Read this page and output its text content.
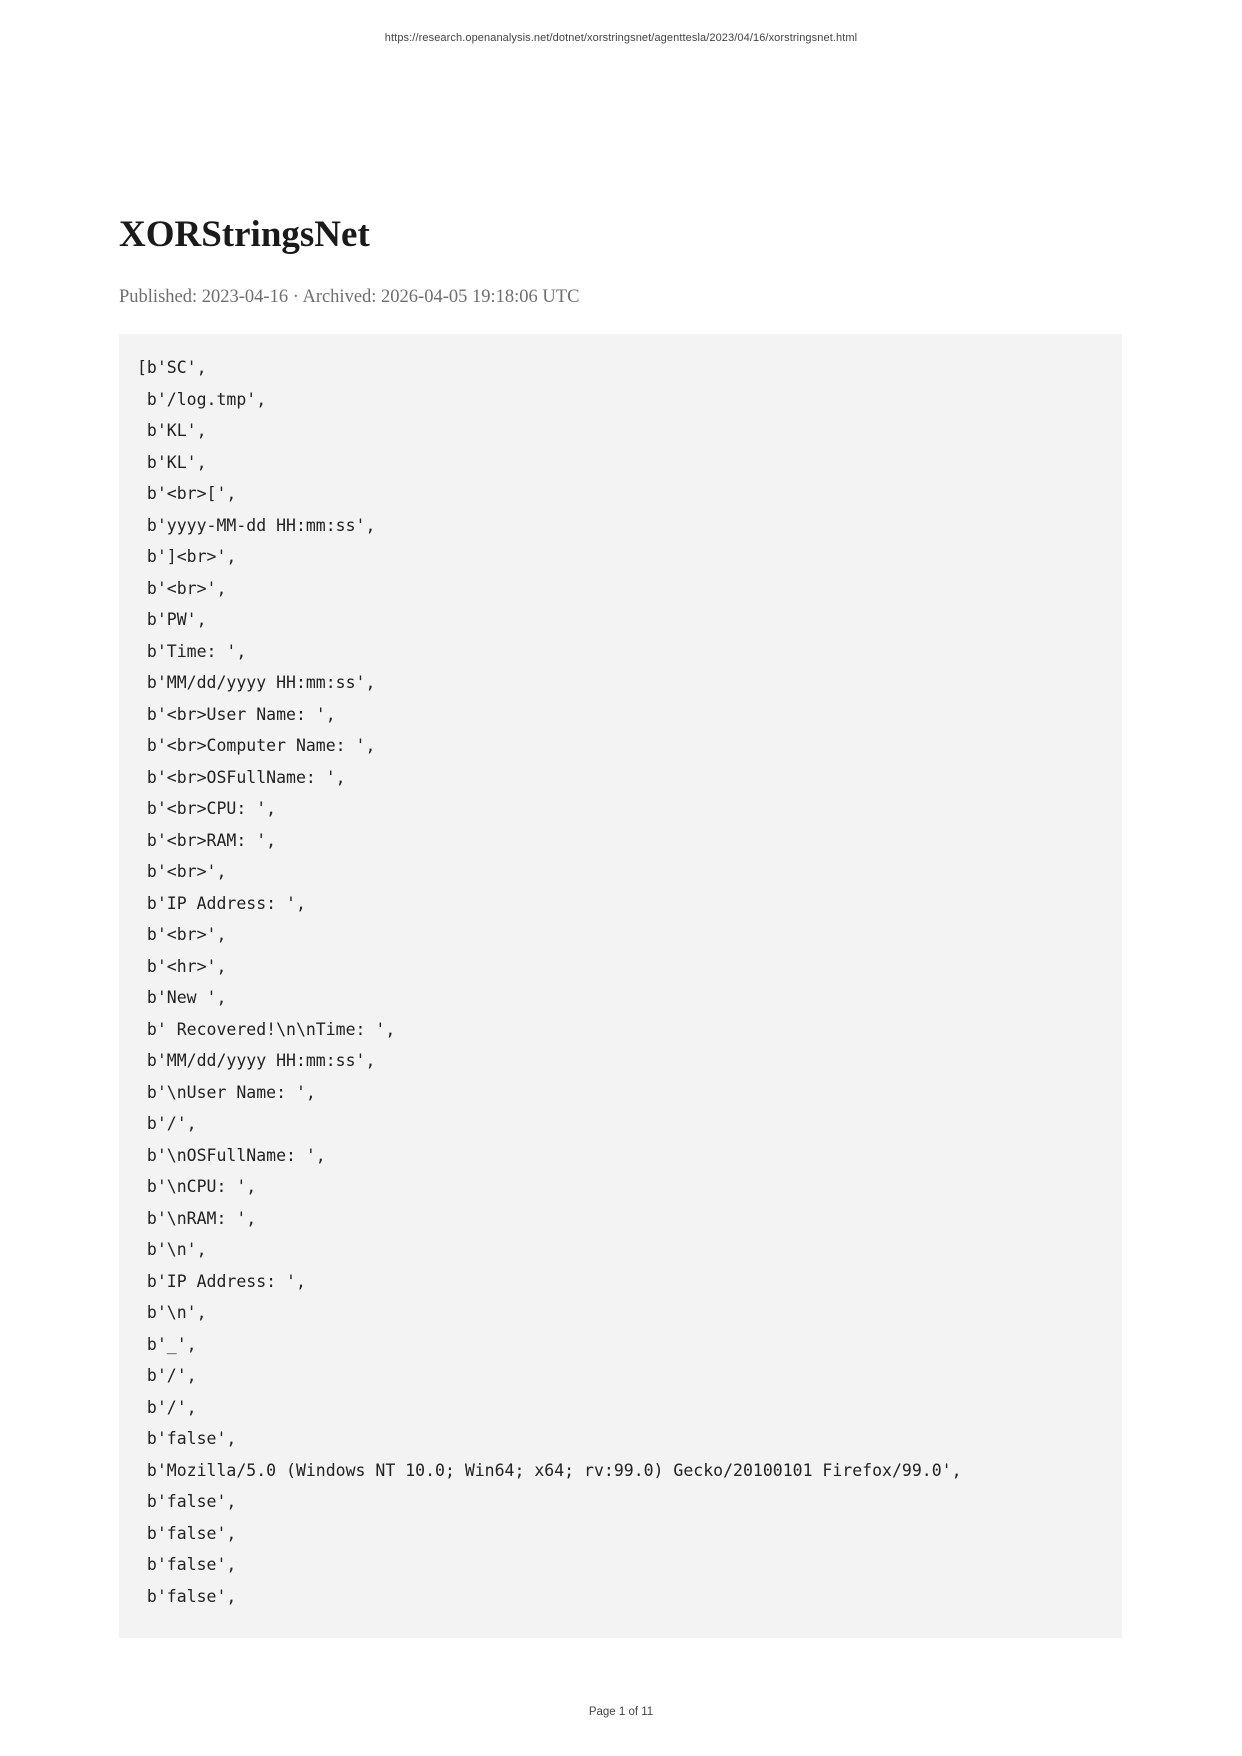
https://research.openanalysis.net/dotnet/xorstringsnet/agenttesla/2023/04/16/xorstringsnet.html
XORStringsNet
Published: 2023-04-16 · Archived: 2026-04-05 19:18:06 UTC
[b'SC',
b'/log.tmp',
b'KL',
b'KL',
b'<br>[',
b'yyyy-MM-dd HH:mm:ss',
b']<br>',
b'<br>',
b'PW',
b'Time: ',
b'MM/dd/yyyy HH:mm:ss',
b'<br>User Name: ',
b'<br>Computer Name: ',
b'<br>OSFullName: ',
b'<br>CPU: ',
b'<br>RAM: ',
b'<br>',
b'IP Address: ',
b'<br>',
b'<hr>',
b'New ',
b' Recovered!\n\nTime: ',
b'MM/dd/yyyy HH:mm:ss',
b'\nUser Name: ',
b'/',
b'\nOSFullName: ',
b'\nCPU: ',
b'\nRAM: ',
b'\n',
b'IP Address: ',
b'\n',
b'_',
b'/',
b'/',
b'false',
b'Mozilla/5.0 (Windows NT 10.0; Win64; x64; rv:99.0) Gecko/20100101 Firefox/99.0',
b'false',
b'false',
b'false',
b'false',
Page 1 of 11
